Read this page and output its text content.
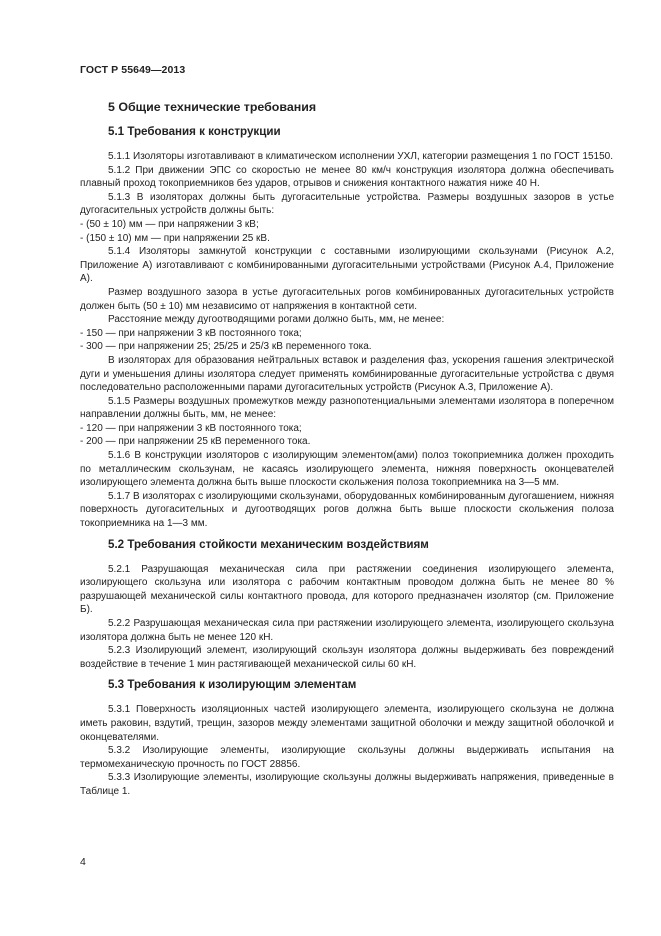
ГОСТ Р 55649—2013
5 Общие технические требования
5.1 Требования к конструкции

5.1.1 Изоляторы изготавливают в климатическом исполнении УХЛ, категории размещения 1 по ГОСТ 15150.

5.1.2 При движении ЭПС со скоростью не менее 80 км/ч конструкция изолятора должна обеспечивать плавный проход токоприемников без ударов, отрывов и снижения контактного нажатия ниже 40 Н.

5.1.3 В изоляторах должны быть дугогасительные устройства. Размеры воздушных зазоров в устье дугогасительных устройств должны быть:

- (50 ± 10) мм — при напряжении 3 кВ;

- (150 ± 10) мм — при напряжении 25 кВ.

5.1.4 Изоляторы замкнутой конструкции с составными изолирующими скользунами (Рисунок А.2, Приложение А) изготавливают с комбинированными дугогасительными устройствами (Рисунок А.4, Приложение А).

Размер воздушного зазора в устье дугогасительных рогов комбинированных дугогасительных устройств должен быть (50 ± 10) мм независимо от напряжения в контактной сети.

Расстояние между дугоотводящими рогами должно быть, мм, не менее:

- 150 — при напряжении 3 кВ постоянного тока;

- 300 — при напряжении 25; 25/25 и 25/3 кВ переменного тока.

В изоляторах для образования нейтральных вставок и разделения фаз, ускорения гашения электрической дуги и уменьшения длины изолятора следует применять комбинированные дугогасительные устройства с двумя последовательно расположенными парами дугогасительных устройств (Рисунок А.3, Приложение А).

5.1.5 Размеры воздушных промежутков между разнопотенциальными элементами изолятора в поперечном направлении должны быть, мм, не менее:

- 120 — при напряжении 3 кВ постоянного тока;

- 200 — при напряжении 25 кВ переменного тока.

5.1.6 В конструкции изоляторов с изолирующим элементом(ами) полоз токоприемника должен проходить по металлическим скользунам, не касаясь изолирующего элемента, нижняя поверхность оконцевателей изолирующего элемента должна быть выше плоскости скольжения полоза токоприемника на 3—5 мм.

5.1.7 В изоляторах с изолирующими скользунами, оборудованных комбинированным дугогашением, нижняя поверхность дугогасительных и дугоотводящих рогов должна быть выше плоскости скольжения полоза токоприемника на 1—3 мм.

5.2 Требования стойкости механическим воздействиям

5.2.1 Разрушающая механическая сила при растяжении соединения изолирующего элемента, изолирующего скользуна или изолятора с рабочим контактным проводом должна быть не менее 80 % разрушающей механической силы контактного провода, для которого предназначен изолятор (см. Приложение Б).

5.2.2 Разрушающая механическая сила при растяжении изолирующего элемента, изолирующего скользуна изолятора должна быть не менее 120 кН.

5.2.3 Изолирующий элемент, изолирующий скользун изолятора должны выдерживать без повреждений воздействие в течение 1 мин растягивающей механической силы 60 кН.

5.3 Требования к изолирующим элементам

5.3.1 Поверхность изоляционных частей изолирующего элемента, изолирующего скользуна не должна иметь раковин, вздутий, трещин, зазоров между элементами защитной оболочки и между защитной оболочкой и оконцевателями.

5.3.2 Изолирующие элементы, изолирующие скользуны должны выдерживать испытания на термомеханическую прочность по ГОСТ 28856.

5.3.3 Изолирующие элементы, изолирующие скользуны должны выдерживать напряжения, приведенные в Таблице 1.

4
